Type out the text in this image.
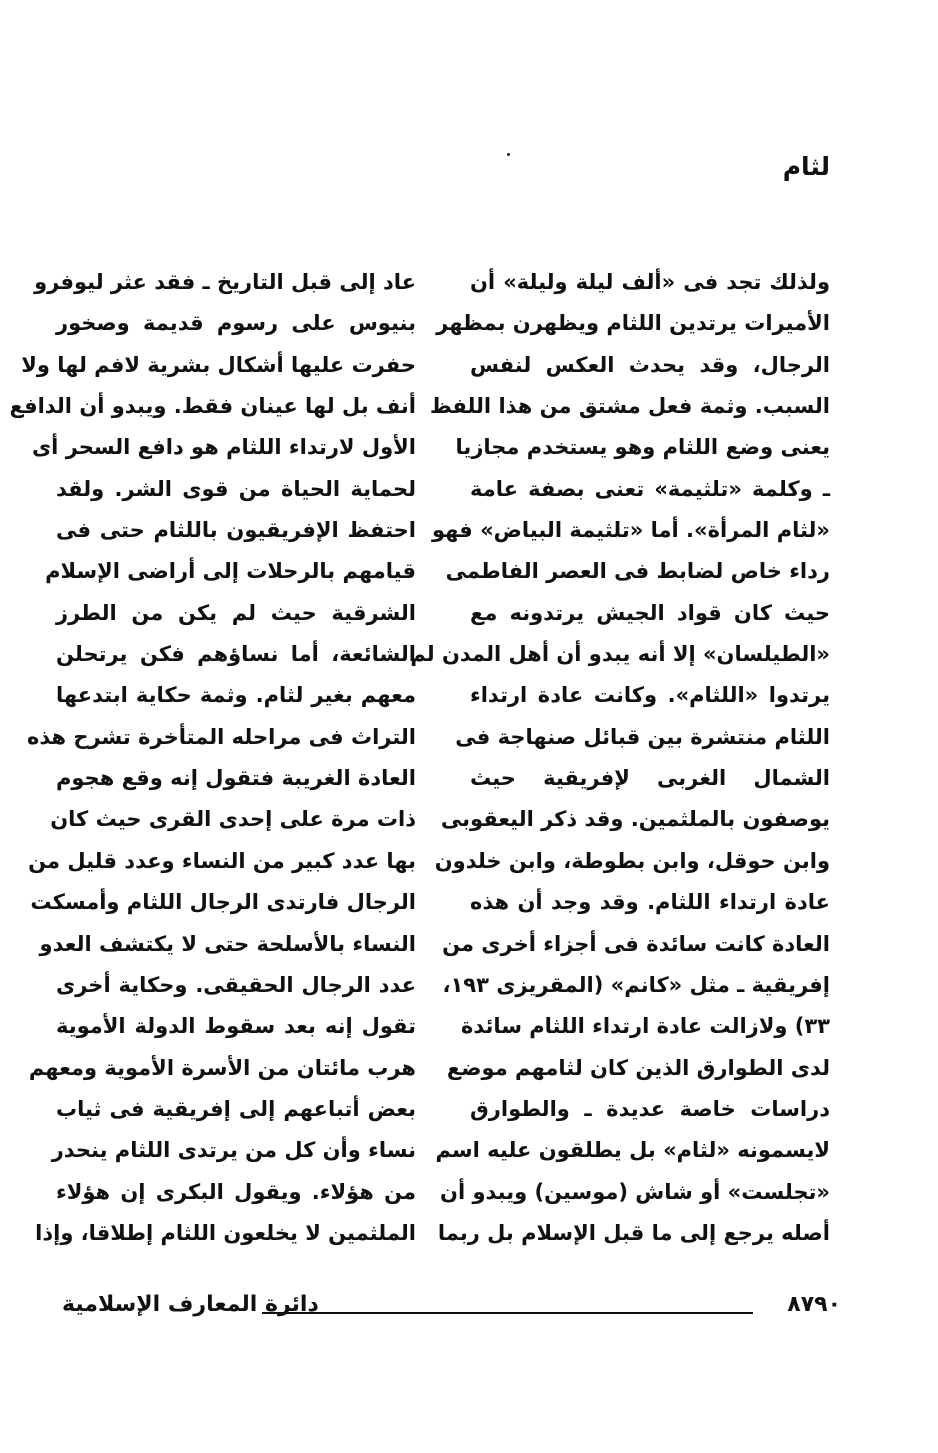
لثام
ولذلك تجد فى «ألف ليلة وليلة» أن
الأميرات يرتدين اللثام ويظهرن بمظهر
الرجال، وقد يحدث العكس لنفس
السبب. وثمة فعل مشتق من هذا اللفظ
يعنى وضع اللثام وهو يستخدم مجازيا
ـ وكلمة «تلثيمة» تعنى بصفة عامة
«لثام المرأة». أما «تلثيمة البياض» فهو
رداء خاص لضابط فى العصر الفاطمى
حيث كان قواد الجيش يرتدونه مع
«الطيلسان» إلا أنه يبدو أن أهل المدن لم
يرتدوا «اللثام». وكانت عادة ارتداء
اللثام منتشرة بين قبائل صنهاجة فى
الشمال الغربى لإفريقية حيث
يوصفون بالملثمين. وقد ذكر اليعقوبى
وابن حوقل، وابن بطوطة، وابن خلدون
عادة ارتداء اللثام. وقد وجد أن هذه
العادة كانت سائدة فى أجزاء أخرى من
إفريقية ـ مثل «كانم» (المقريزى ١٩٣،
٣٣) ولازالت عادة ارتداء اللثام سائدة
لدى الطوارق الذين كان لثامهم موضع
دراسات خاصة عديدة ـ والطوارق
لايسمونه «لثام» بل يطلقون عليه اسم
«تجلست» أو شاش (موسين) ويبدو أن
أصله يرجع إلى ما قبل الإسلام بل ربما
عاد إلى قبل التاريخ ـ فقد عثر ليوفرو
بنيوس على رسوم قديمة وصخور
حفرت عليها أشكال بشرية لافم لها ولا
أنف بل لها عينان فقط. ويبدو أن الدافع
الأول لارتداء اللثام هو دافع السحر أى
لحماية الحياة من قوى الشر. ولقد
احتفظ الإفريقيون باللثام حتى فى
قيامهم بالرحلات إلى أراضى الإسلام
الشرقية حيث لم يكن من الطرز
الشائعة، أما نساؤهم فكن يرتحلن
معهم بغير لثام. وثمة حكاية ابتدعها
التراث فى مراحله المتأخرة تشرح هذه
العادة الغريبة فتقول إنه وقع هجوم
ذات مرة على إحدى القرى حيث كان
بها عدد كبير من النساء وعدد قليل من
الرجال فارتدى الرجال اللثام وأمسكت
النساء بالأسلحة حتى لا يكتشف العدو
عدد الرجال الحقيقى. وحكاية أخرى
تقول إنه بعد سقوط الدولة الأموية
هرب مائتان من الأسرة الأموية ومعهم
بعض أتباعهم إلى إفريقية فى ثياب
نساء وأن كل من يرتدى اللثام ينحدر
من هؤلاء. ويقول البكرى إن هؤلاء
الملثمين لا يخلعون اللثام إطلاقا، وإذا
٨٧٩٠
دائرة المعارف الإسلامية
